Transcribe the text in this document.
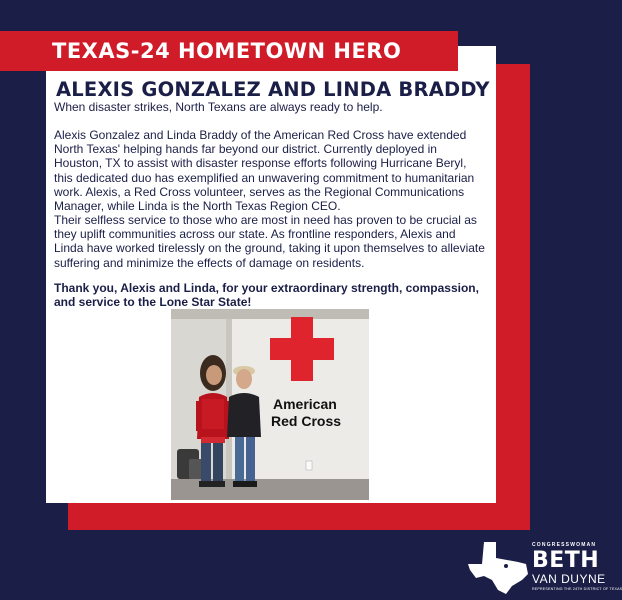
TEXAS-24 HOMETOWN HERO
ALEXIS GONZALEZ AND LINDA BRADDY
When disaster strikes, North Texans are always ready to help.
Alexis Gonzalez and Linda Braddy of the American Red Cross have extended North Texas' helping hands far beyond our district. Currently deployed in Houston, TX to assist with disaster response efforts following Hurricane Beryl, this dedicated duo has exemplified an unwavering commitment to humanitarian work. Alexis, a Red Cross volunteer, serves as the Regional Communications Manager, while Linda is the North Texas Region CEO.
Their selfless service to those who are most in need has proven to be crucial as they uplift communities across our state. As frontline responders, Alexis and Linda have worked tirelessly on the ground, taking it upon themselves to alleviate suffering and minimize the effects of damage on residents.
Thank you, Alexis and Linda, for your extraordinary strength, compassion, and service to the Lone Star State!
American
Red Cross
CONGRESSWOMAN
BETH
VAN DUYNE
REPRESENTING THE 24TH DISTRICT OF TEXAS
